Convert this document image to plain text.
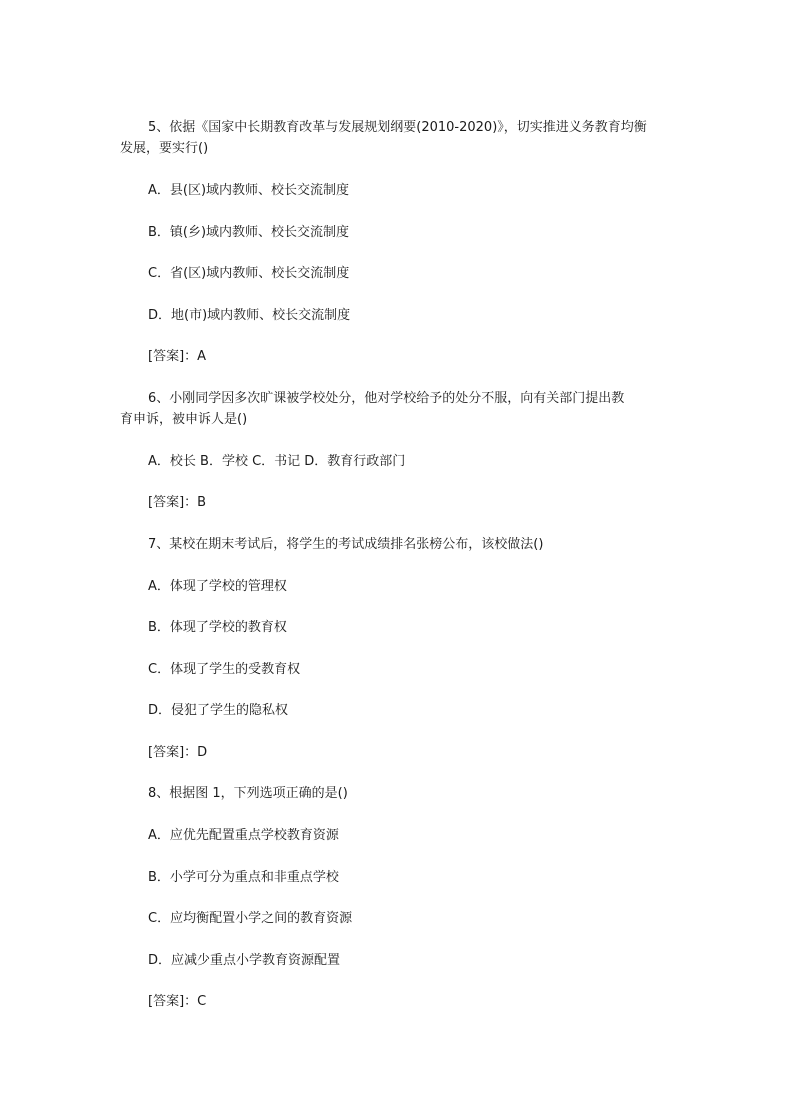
5、依据《国家中长期教育改革与发展规划纲要(2010-2020)》，切实推进义务教育均衡
发展，要实行()
A．县(区)域内教师、校长交流制度
B．镇(乡)域内教师、校长交流制度
C．省(区)域内教师、校长交流制度
D．地(市)域内教师、校长交流制度
[答案]：A
6、小刚同学因多次旷课被学校处分，他对学校给予的处分不服，向有关部门提出教
育申诉，被申诉人是()
A．校长 B．学校 C．书记 D．教育行政部门
[答案]：B
7、某校在期末考试后，将学生的考试成绩排名张榜公布，该校做法()
A．体现了学校的管理权
B．体现了学校的教育权
C．体现了学生的受教育权
D．侵犯了学生的隐私权
[答案]：D
8、根据图 1，下列选项正确的是()
A．应优先配置重点学校教育资源
B．小学可分为重点和非重点学校
C．应均衡配置小学之间的教育资源
D．应减少重点小学教育资源配置
[答案]：C
